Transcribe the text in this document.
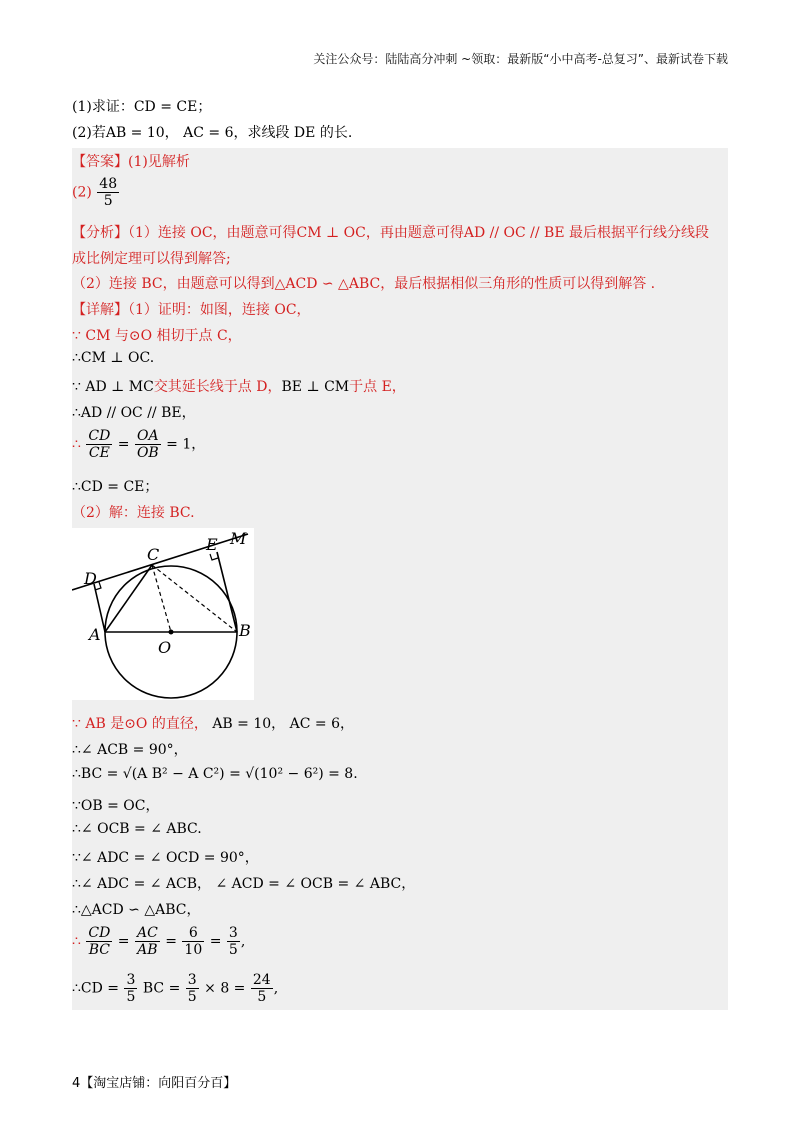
关注公众号：陆陆高分冲刺 ~领取：最新版“小中高考-总复习”、最新试卷下载
(1)求证：CD = CE；
(2)若AB = 10， AC = 6，求线段 DE 的长.
【答案】(1)见解析
$(2) \frac{48}{5}$
【分析】（1）连接 OC，由题意可得CM ⊥ OC，再由题意可得AD // OC // BE 最后根据平行线分线段
成比例定理可以得到解答;
（2）连接 BC，由题意可以得到△ACD ∽ △ABC，最后根据相似三角形的性质可以得到解答 .
【详解】（1）证明：如图，连接 OC，
∵ CM 与⊙O 相切于点 C，
∴CM ⊥ OC.
∵ AD ⊥ MC交其延长线于点 D，BE ⊥ CM于点 E，
∴AD // OC // BE，
∴ $\frac{CD}{CE} = \frac{OA}{OB} = 1$，
∴CD = CE；
（2）解：连接 BC.
D
C
E M
A
O
B
∵ AB 是⊙O 的直径， AB = 10， AC = 6，
∴∠ ACB = 90°，
∴BC = √(A B² − A C²) = √(10² − 6²) = 8.
∵OB = OC，
∴∠ OCB = ∠ ABC.
∵∠ ADC = ∠ OCD = 90°，
∴∠ ADC = ∠ ACB， ∠ ACD = ∠ OCB = ∠ ABC，
∴△ACD ∽ △ABC，
∴ $\frac{CD}{BC} = \frac{AC}{AB} = \frac{6}{10} = \frac{3}{5}$ ,
∴CD = $\frac{3}{5}$ BC = $\frac{3}{5} \times 8 = \frac{24}{5}$ ,
4【淘宝店铺：向阳百分百】
